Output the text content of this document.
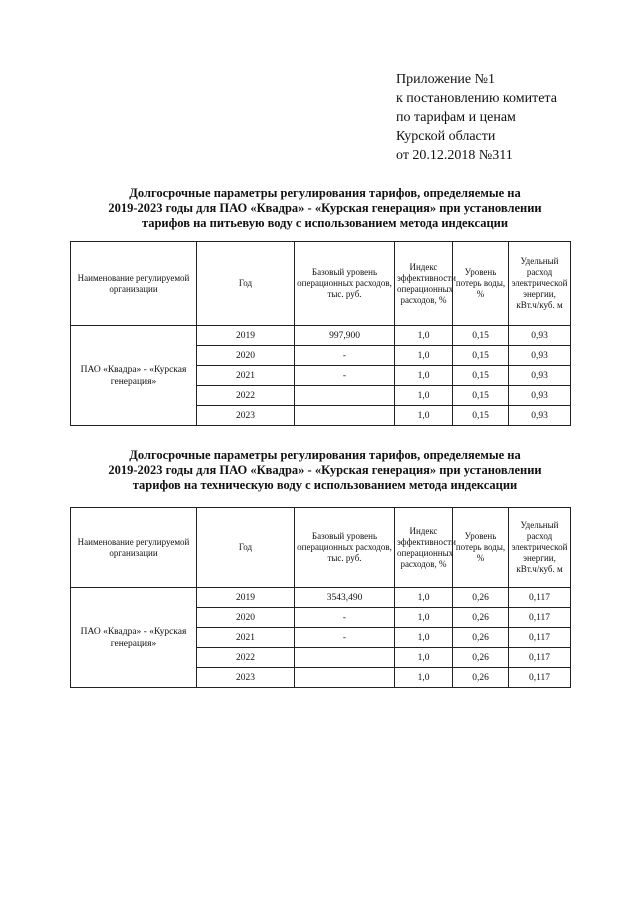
Приложение №1
к постановлению комитета
по тарифам и ценам
Курской области
от 20.12.2018 №311
Долгосрочные параметры регулирования тарифов, определяемые на
2019-2023 годы для ПАО «Квадра» - «Курская генерация» при установлении
тарифов на питьевую воду с использованием метода индексации
Наименование регулируемой организации	Год	Базовый уровень операционных расходов, тыс. руб.	Индекс эффективности операционных расходов, %	Уровень потерь воды, %	Удельный расход электрической энергии, кВт.ч/куб. м
ПАО «Квадра» - «Курская генерация»	2019	997,900	1,0	0,15	0,93
	2020	-	1,0	0,15	0,93
	2021	-	1,0	0,15	0,93
	2022		1,0	0,15	0,93
	2023		1,0	0,15	0,93
Долгосрочные параметры регулирования тарифов, определяемые на
2019-2023 годы для ПАО «Квадра» - «Курская генерация» при установлении
тарифов на техническую воду с использованием метода индексации
Наименование регулируемой организации	Год	Базовый уровень операционных расходов, тыс. руб.	Индекс эффективности операционных расходов, %	Уровень потерь воды, %	Удельный расход электрической энергии, кВт.ч/куб. м
ПАО «Квадра» - «Курская генерация»	2019	3543,490	1,0	0,26	0,117
	2020	-	1,0	0,26	0,117
	2021	-	1,0	0,26	0,117
	2022		1,0	0,26	0,117
	2023		1,0	0,26	0,117
